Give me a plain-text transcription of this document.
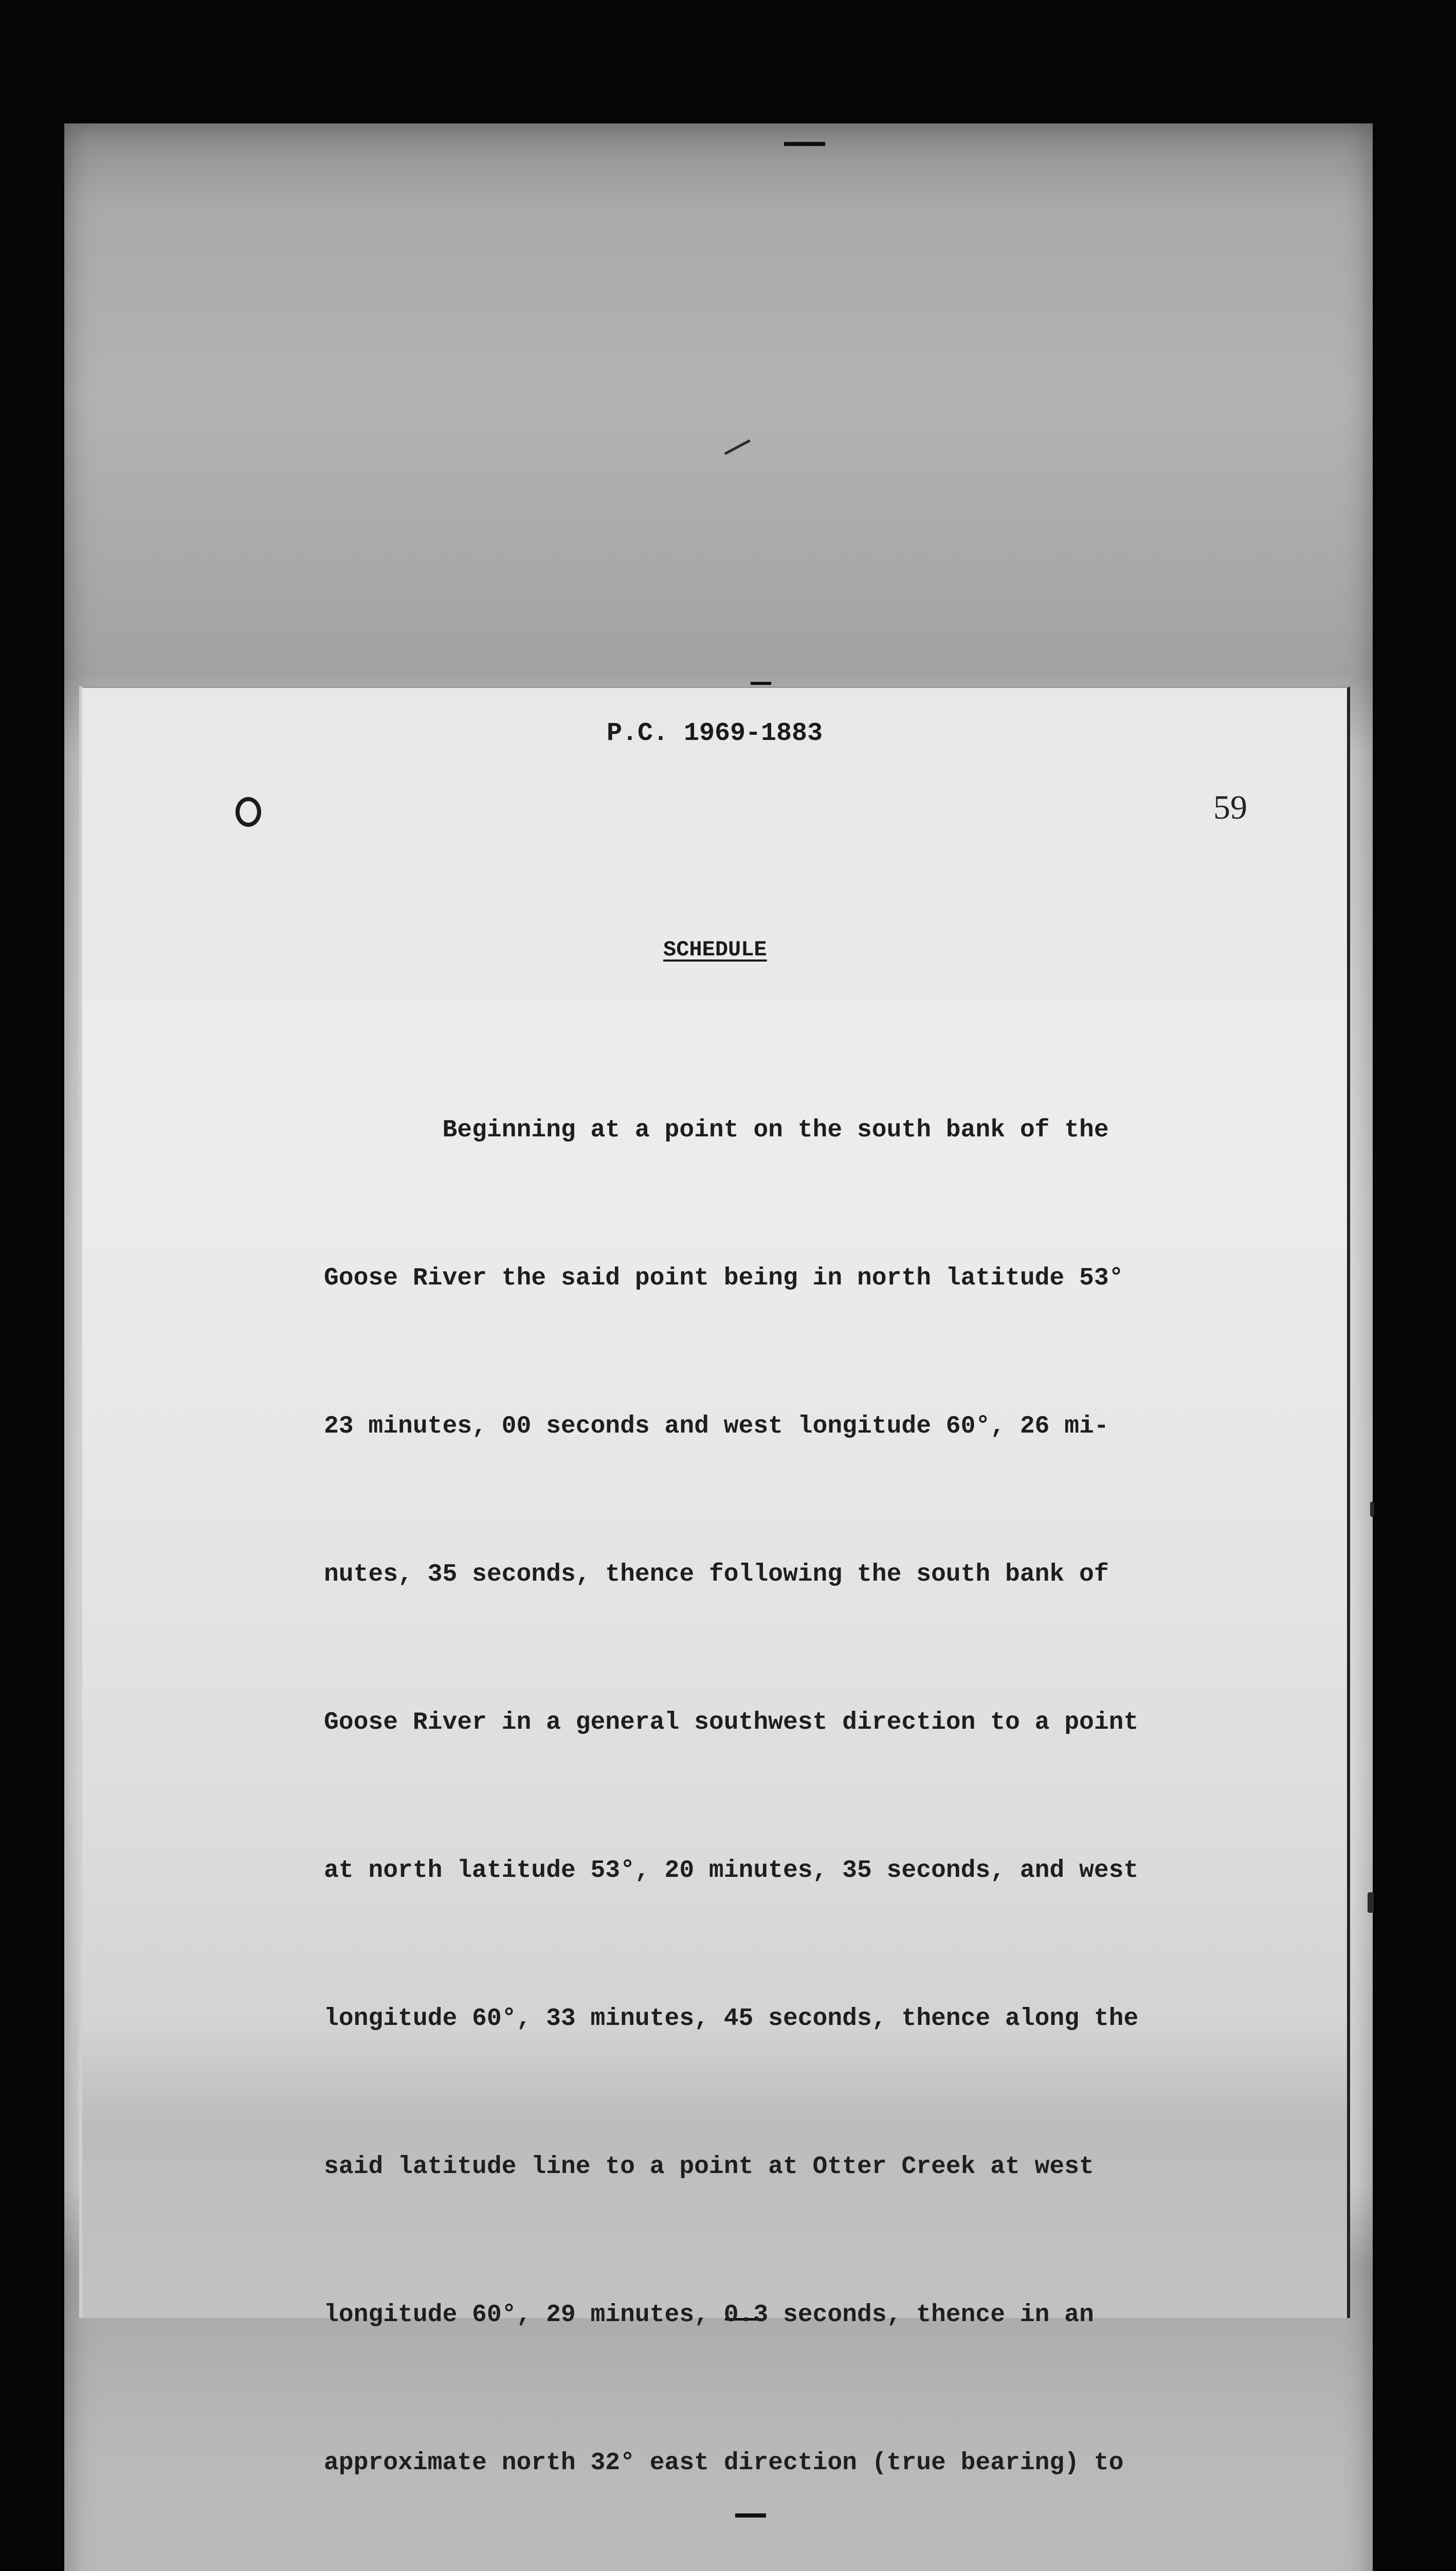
P.C. 1969-1883
59
SCHEDULE

Beginning at a point on the south bank of the

Goose River the said point being in north latitude 53°

23 minutes, 00 seconds and west longitude 60°, 26 mi-

nutes, 35 seconds, thence following the south bank of

Goose River in a general southwest direction to a point

at north latitude 53°, 20 minutes, 35 seconds, and west

longitude 60°, 33 minutes, 45 seconds, thence along the

said latitude line to a point at Otter Creek at west

longitude 60°, 29 minutes, 0.3 seconds, thence in an

approximate north 32° east direction (true bearing) to
